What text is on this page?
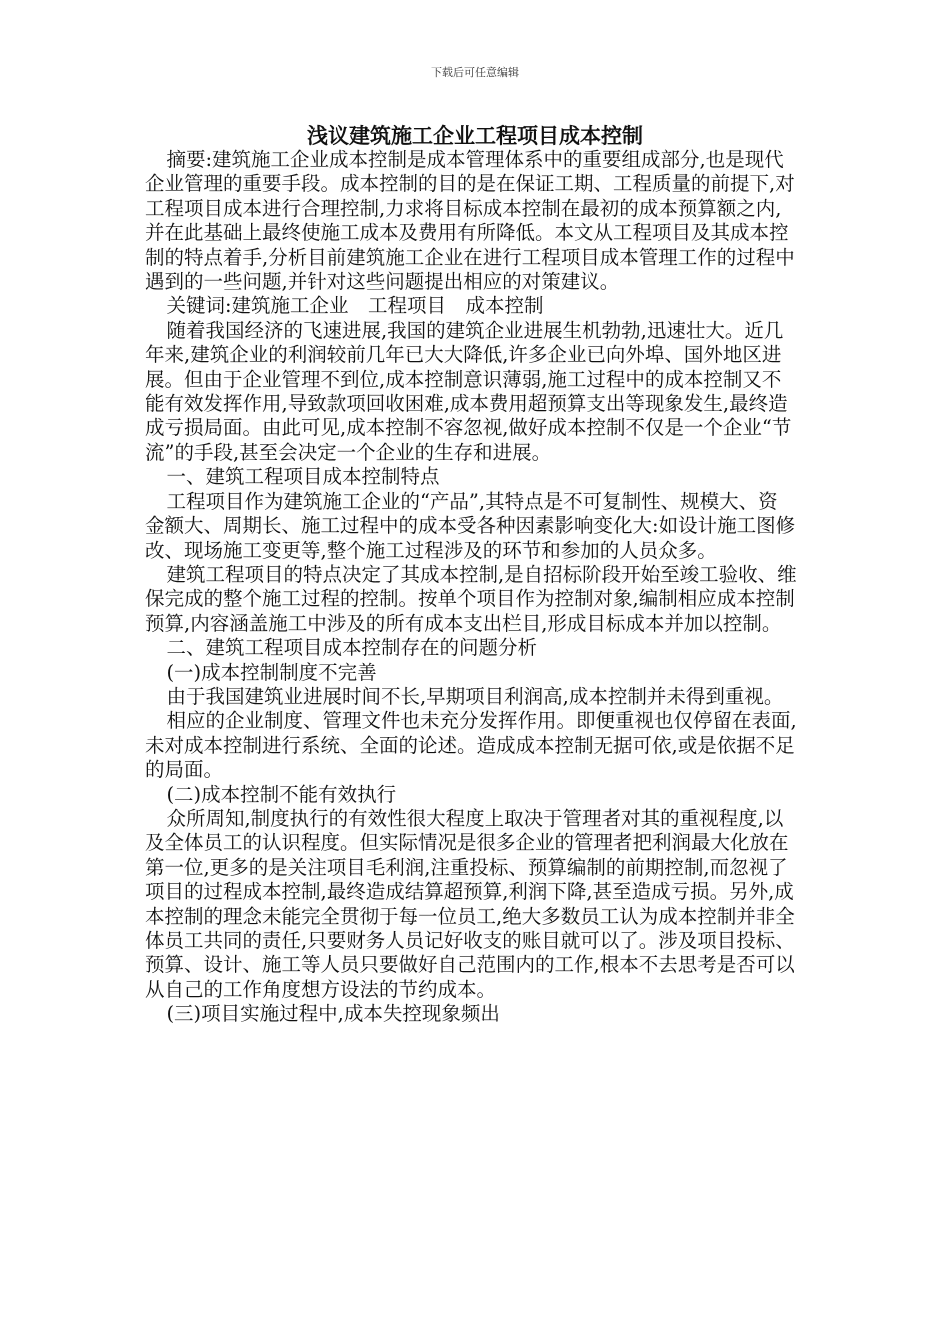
下载后可任意编辑
浅议建筑施工企业工程项目成本控制

摘要:建筑施工企业成本控制是成本管理体系中的重要组成部分,也是现代企业管理的重要手段。成本控制的目的是在保证工期、工程质量的前提下,对工程项目成本进行合理控制,力求将目标成本控制在最初的成本预算额之内,并在此基础上最终使施工成本及费用有所降低。本文从工程项目及其成本控制的特点着手,分析目前建筑施工企业在进行工程项目成本管理工作的过程中遇到的一些问题,并针对这些问题提出相应的对策建议。

关键词:建筑施工企业　工程项目　成本控制

随着我国经济的飞速进展,我国的建筑企业进展生机勃勃,迅速壮大。近几年来,建筑企业的利润较前几年已大大降低,许多企业已向外埠、国外地区进展。但由于企业管理不到位,成本控制意识薄弱,施工过程中的成本控制又不能有效发挥作用,导致款项回收困难,成本费用超预算支出等现象发生,最终造成亏损局面。由此可见,成本控制不容忽视,做好成本控制不仅是一个企业“节流”的手段,甚至会决定一个企业的生存和进展。

一、建筑工程项目成本控制特点

工程项目作为建筑施工企业的“产品”,其特点是不可复制性、规模大、资金额大、周期长、施工过程中的成本受各种因素影响变化大:如设计施工图修改、现场施工变更等,整个施工过程涉及的环节和参加的人员众多。

建筑工程项目的特点决定了其成本控制,是自招标阶段开始至竣工验收、维保完成的整个施工过程的控制。按单个项目作为控制对象,编制相应成本控制预算,内容涵盖施工中涉及的所有成本支出栏目,形成目标成本并加以控制。

二、建筑工程项目成本控制存在的问题分析

(一)成本控制制度不完善

由于我国建筑业进展时间不长,早期项目利润高,成本控制并未得到重视。

相应的企业制度、管理文件也未充分发挥作用。即便重视也仅停留在表面,未对成本控制进行系统、全面的论述。造成成本控制无据可依,或是依据不足的局面。

(二)成本控制不能有效执行

众所周知,制度执行的有效性很大程度上取决于管理者对其的重视程度,以及全体员工的认识程度。但实际情况是很多企业的管理者把利润最大化放在第一位,更多的是关注项目毛利润,注重投标、预算编制的前期控制,而忽视了项目的过程成本控制,最终造成结算超预算,利润下降,甚至造成亏损。另外,成本控制的理念未能完全贯彻于每一位员工,绝大多数员工认为成本控制并非全体员工共同的责任,只要财务人员记好收支的账目就可以了。涉及项目投标、预算、设计、施工等人员只要做好自己范围内的工作,根本不去思考是否可以从自己的工作角度想方设法的节约成本。

(三)项目实施过程中,成本失控现象频出
